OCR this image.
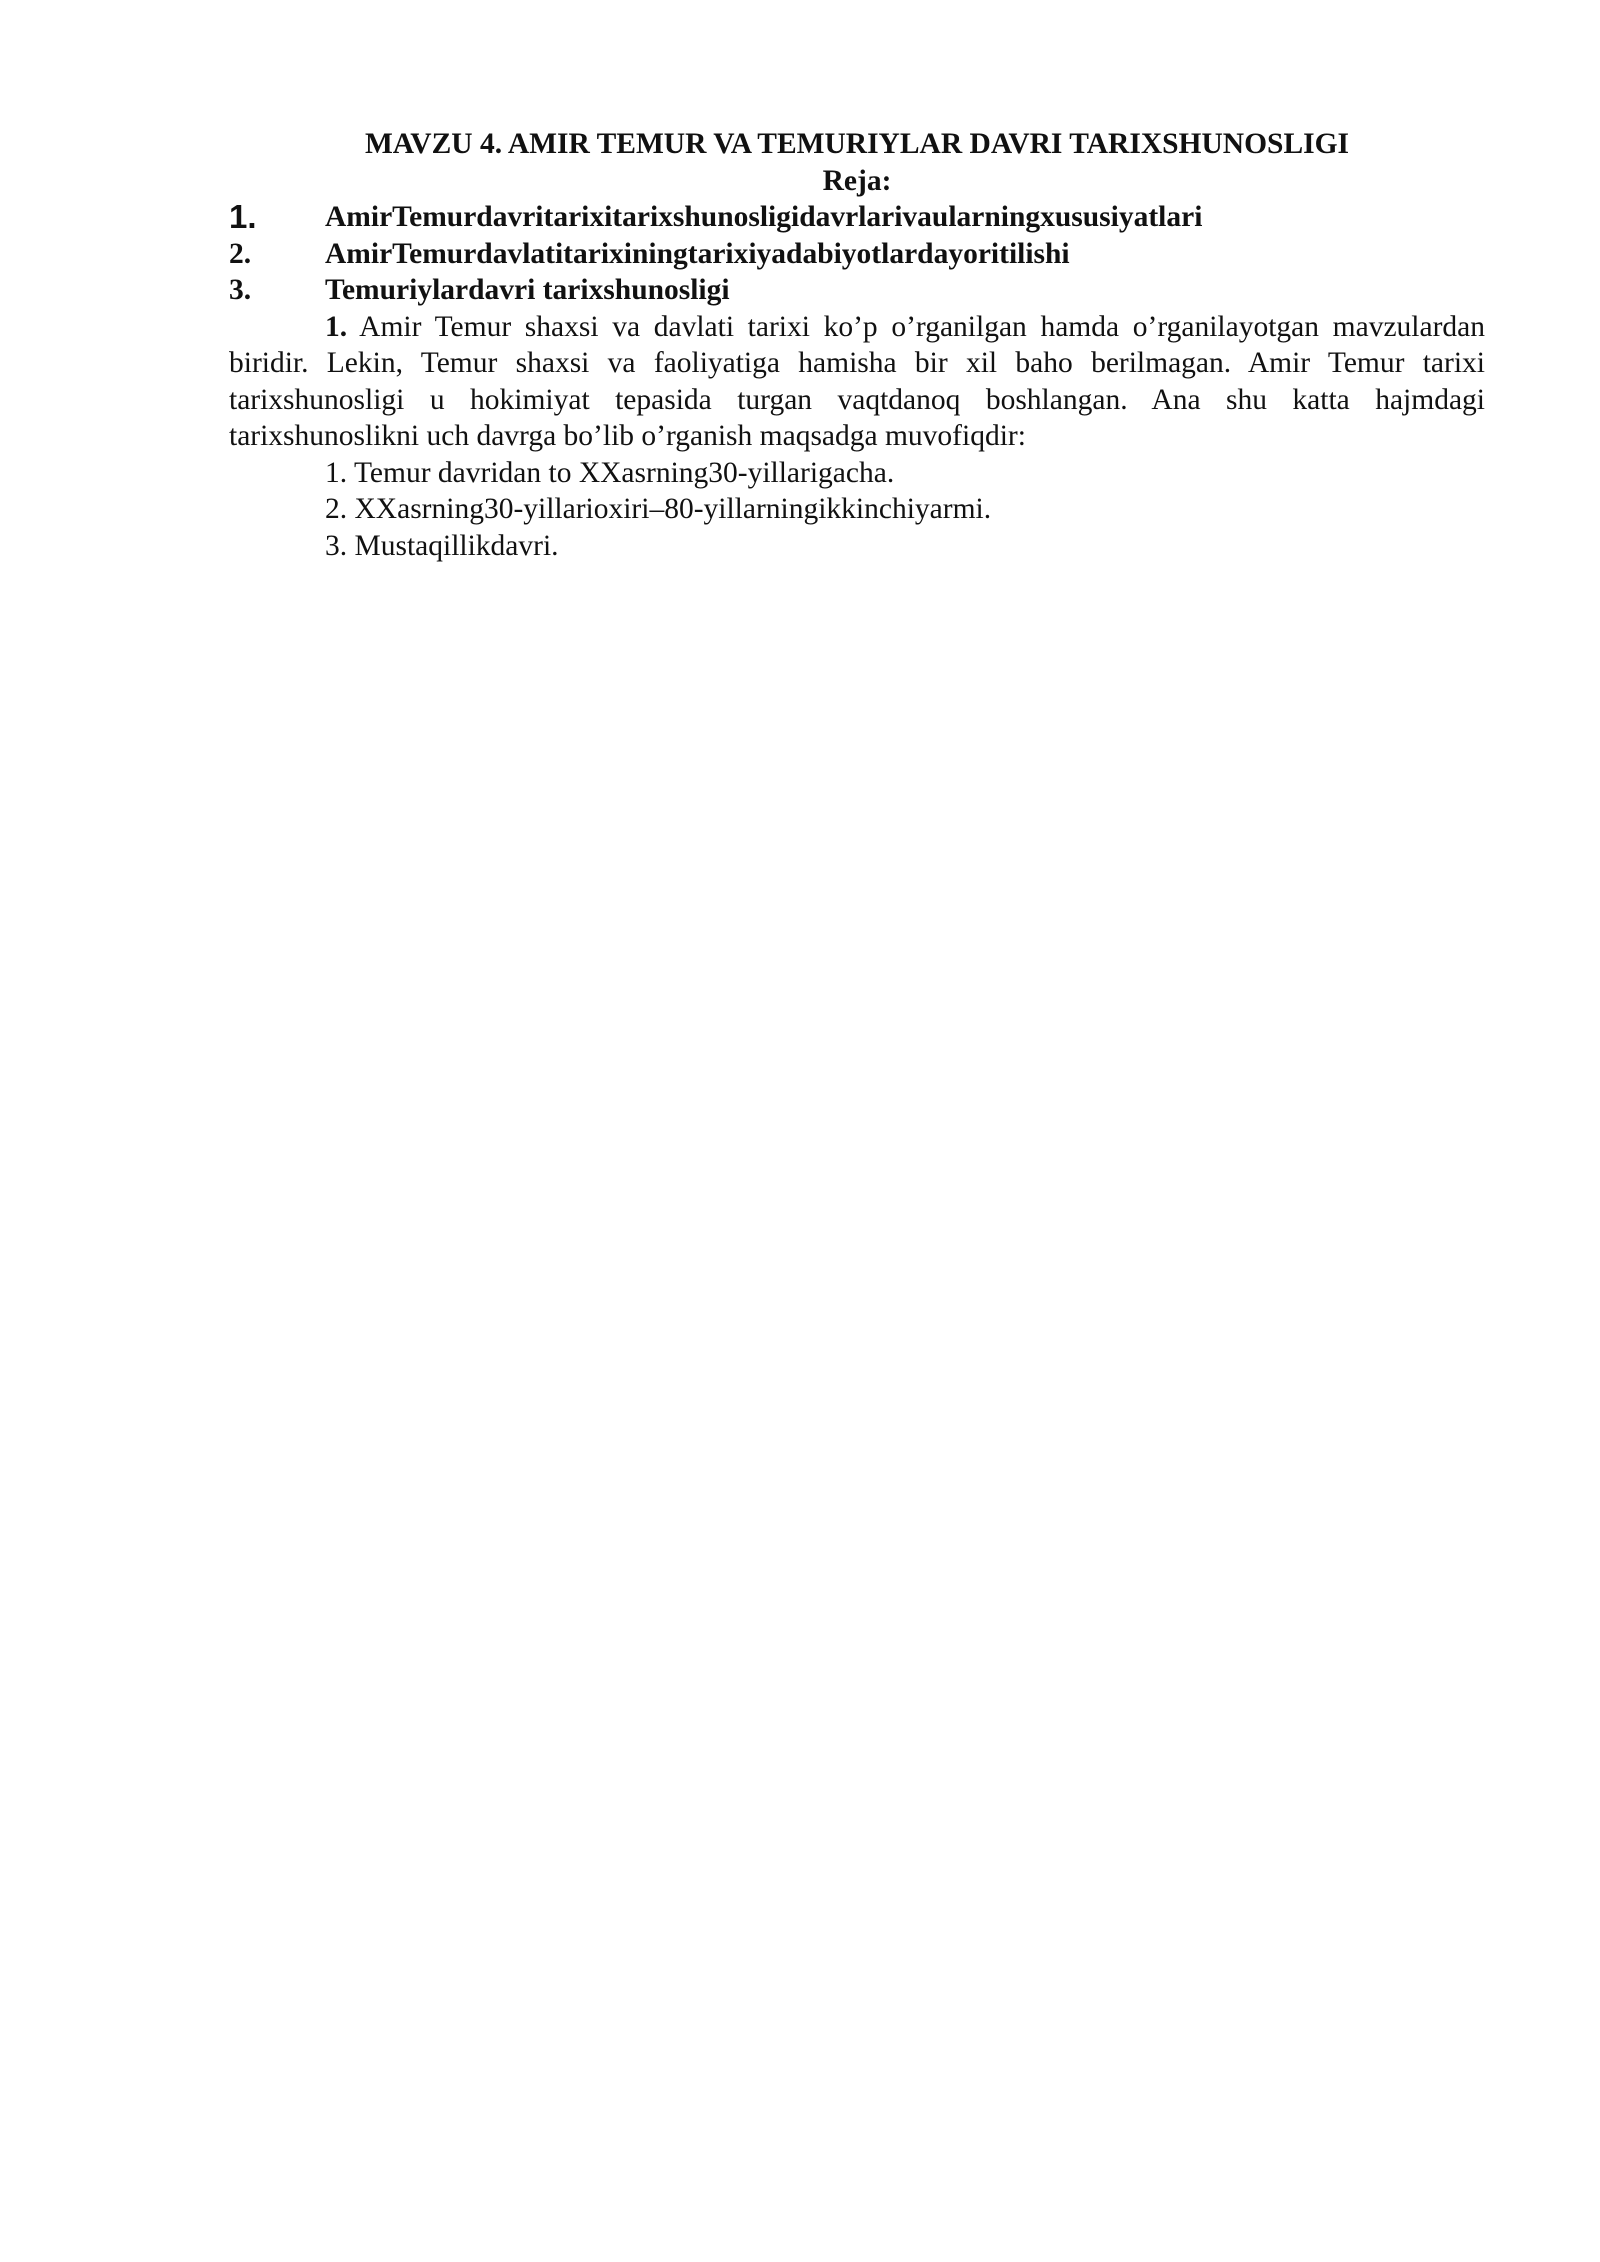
MAVZU 4. AMIR TEMUR VA TEMURIYLAR DAVRI TARIXSHUNOSLIGI

Reja:

1.	AmirTemurdavritarixitarixshunosligidavrlarivaularningxususiyatlari
2.	AmirTemurdavlatitarixiningtarixiyadabiyotlardayoritilishi
3.	Temuriylardavri tarixshunosligi

1. Amir Temur shaxsi va davlati tarixi ko’p o’rganilgan hamda o’rganilayotgan mavzulardan biridir. Lekin, Temur shaxsi va faoliyatiga hamisha bir xil baho berilmagan. Amir Temur tarixi tarixshunosligi u hokimiyat tepasida turgan vaqtdanoq boshlangan. Ana shu katta hajmdagi tarixshunoslikni uch davrga bo’lib o’rganish maqsadga muvofiqdir:

1. Temur davridan to XXasrning30-yillarigacha.
2. XXasrning30-yillarioxiri–80-yillarningikkinchiyarmi.
3. Mustaqillikdavri.
